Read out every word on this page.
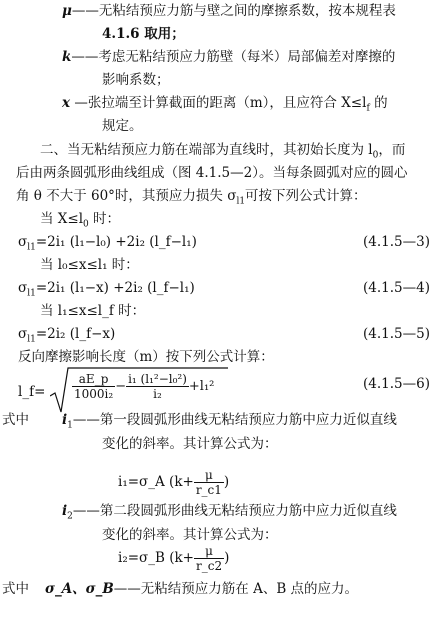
μ——无粘结预应力筋与壁之间的摩擦系数，按本规程表
4.1.6 取用；
k——考虑无粘结预应力筋壁（每米）局部偏差对摩擦的
影响系数；
x —张拉端至计算截面的距离（m），且应符合 $X\le l_f$ 的
规定。
二、当无粘结预应力筋在端部为直线时，其初始长度为 $l_0$，而
后由两条圆弧形曲线组成（图 4.1.5—2）。当每条圆弧对应的圆心
角 θ 不大于 60°时，其预应力损失 $\sigma_{l1}$可按下列公式计算：
当 $X\le l_0$ 时：
$\sigma_{l1}=2i_1$ (l₁−l₀) +2i₂ (l_f−l₁)	(4.1.5—3)
当 l₀≤x≤l₁ 时：
$\sigma_{l1}=2i_1$ (l₁−x) +2i₂ (l_f−l₁)	(4.1.5—4)
当 l₁≤x≤l_f 时：
$\sigma_{l1}=2i_2$ (l_f−x)	(4.1.5—5)
反向摩擦影响长度（m）按下列公式计算：
l_f= $\frac{aE\_p}{\text{1000i₂}} - \frac{\text{i₁ (l₁²−l₀²)}}{\text{i₂}} +l_1^2$	(4.1.5—6)
式中 $i_1——$第一段圆弧形曲线无粘结预应力筋中应力近似直线
变化的斜率。其计算公式为：
i₁=σ_A ($k+ \frac{\mu}{r\_c1}$ )
$i_2——$第二段圆弧形曲线无粘结预应力筋中应力近似直线
变化的斜率。其计算公式为：
i₂=σ_B ($k+ \frac{\mu}{r\_c2}$ )
式中 σ_A、σ_B——无粘结预应力筋在 A、B 点的应力。
